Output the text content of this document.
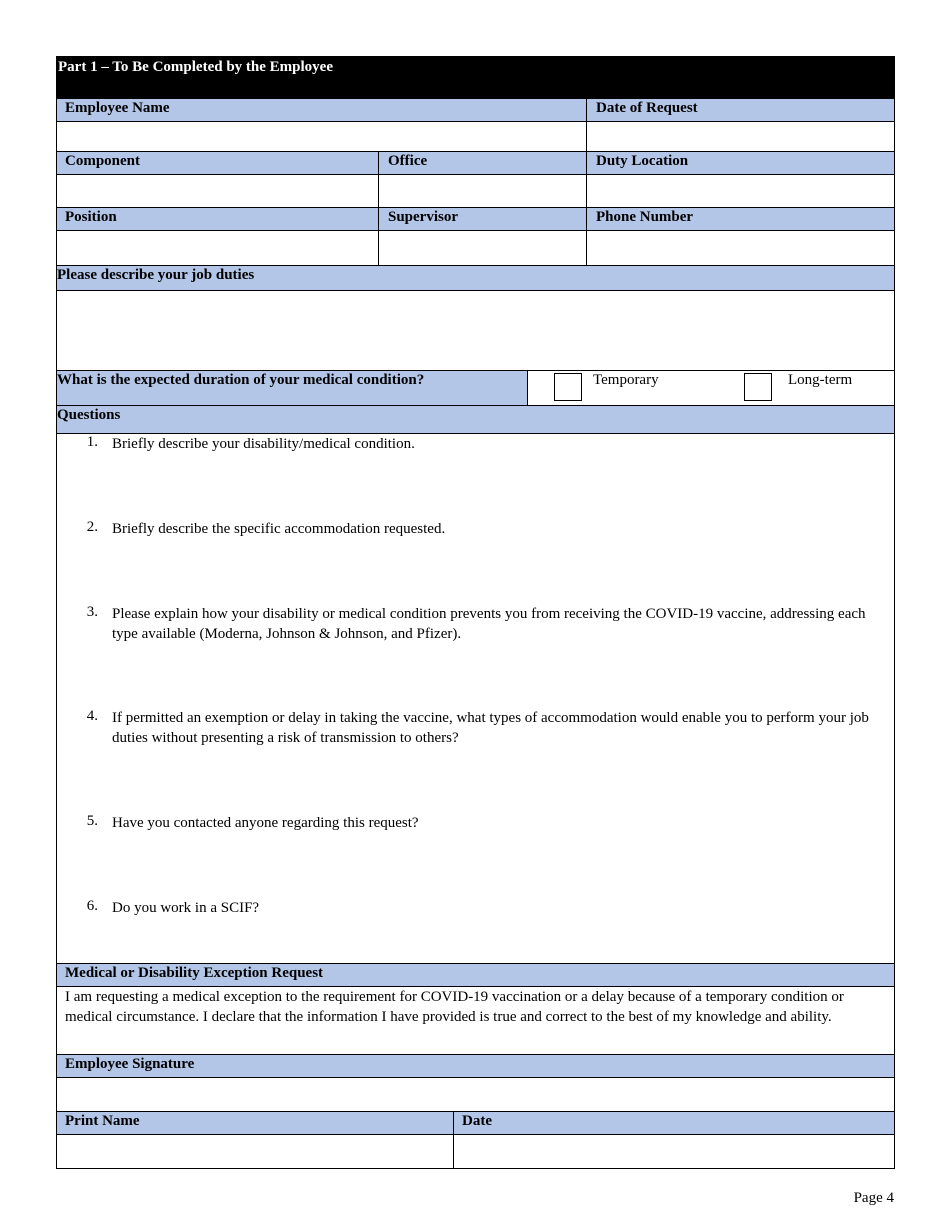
Part 1 – To Be Completed by the Employee
Employee Name	Date of Request
Component	Office	Duty Location
Position	Supervisor	Phone Number
Please describe your job duties
What is the expected duration of your medical condition?	Temporary	Long-term
Questions
1. Briefly describe your disability/medical condition.
2. Briefly describe the specific accommodation requested.
3. Please explain how your disability or medical condition prevents you from receiving the COVID-19 vaccine, addressing each type available (Moderna, Johnson & Johnson, and Pfizer).
4. If permitted an exemption or delay in taking the vaccine, what types of accommodation would enable you to perform your job duties without presenting a risk of transmission to others?
5. Have you contacted anyone regarding this request?
6. Do you work in a SCIF?
Medical or Disability Exception Request
I am requesting a medical exception to the requirement for COVID-19 vaccination or a delay because of a temporary condition or medical circumstance. I declare that the information I have provided is true and correct to the best of my knowledge and ability.
Employee Signature
Print Name	Date
Page 4
